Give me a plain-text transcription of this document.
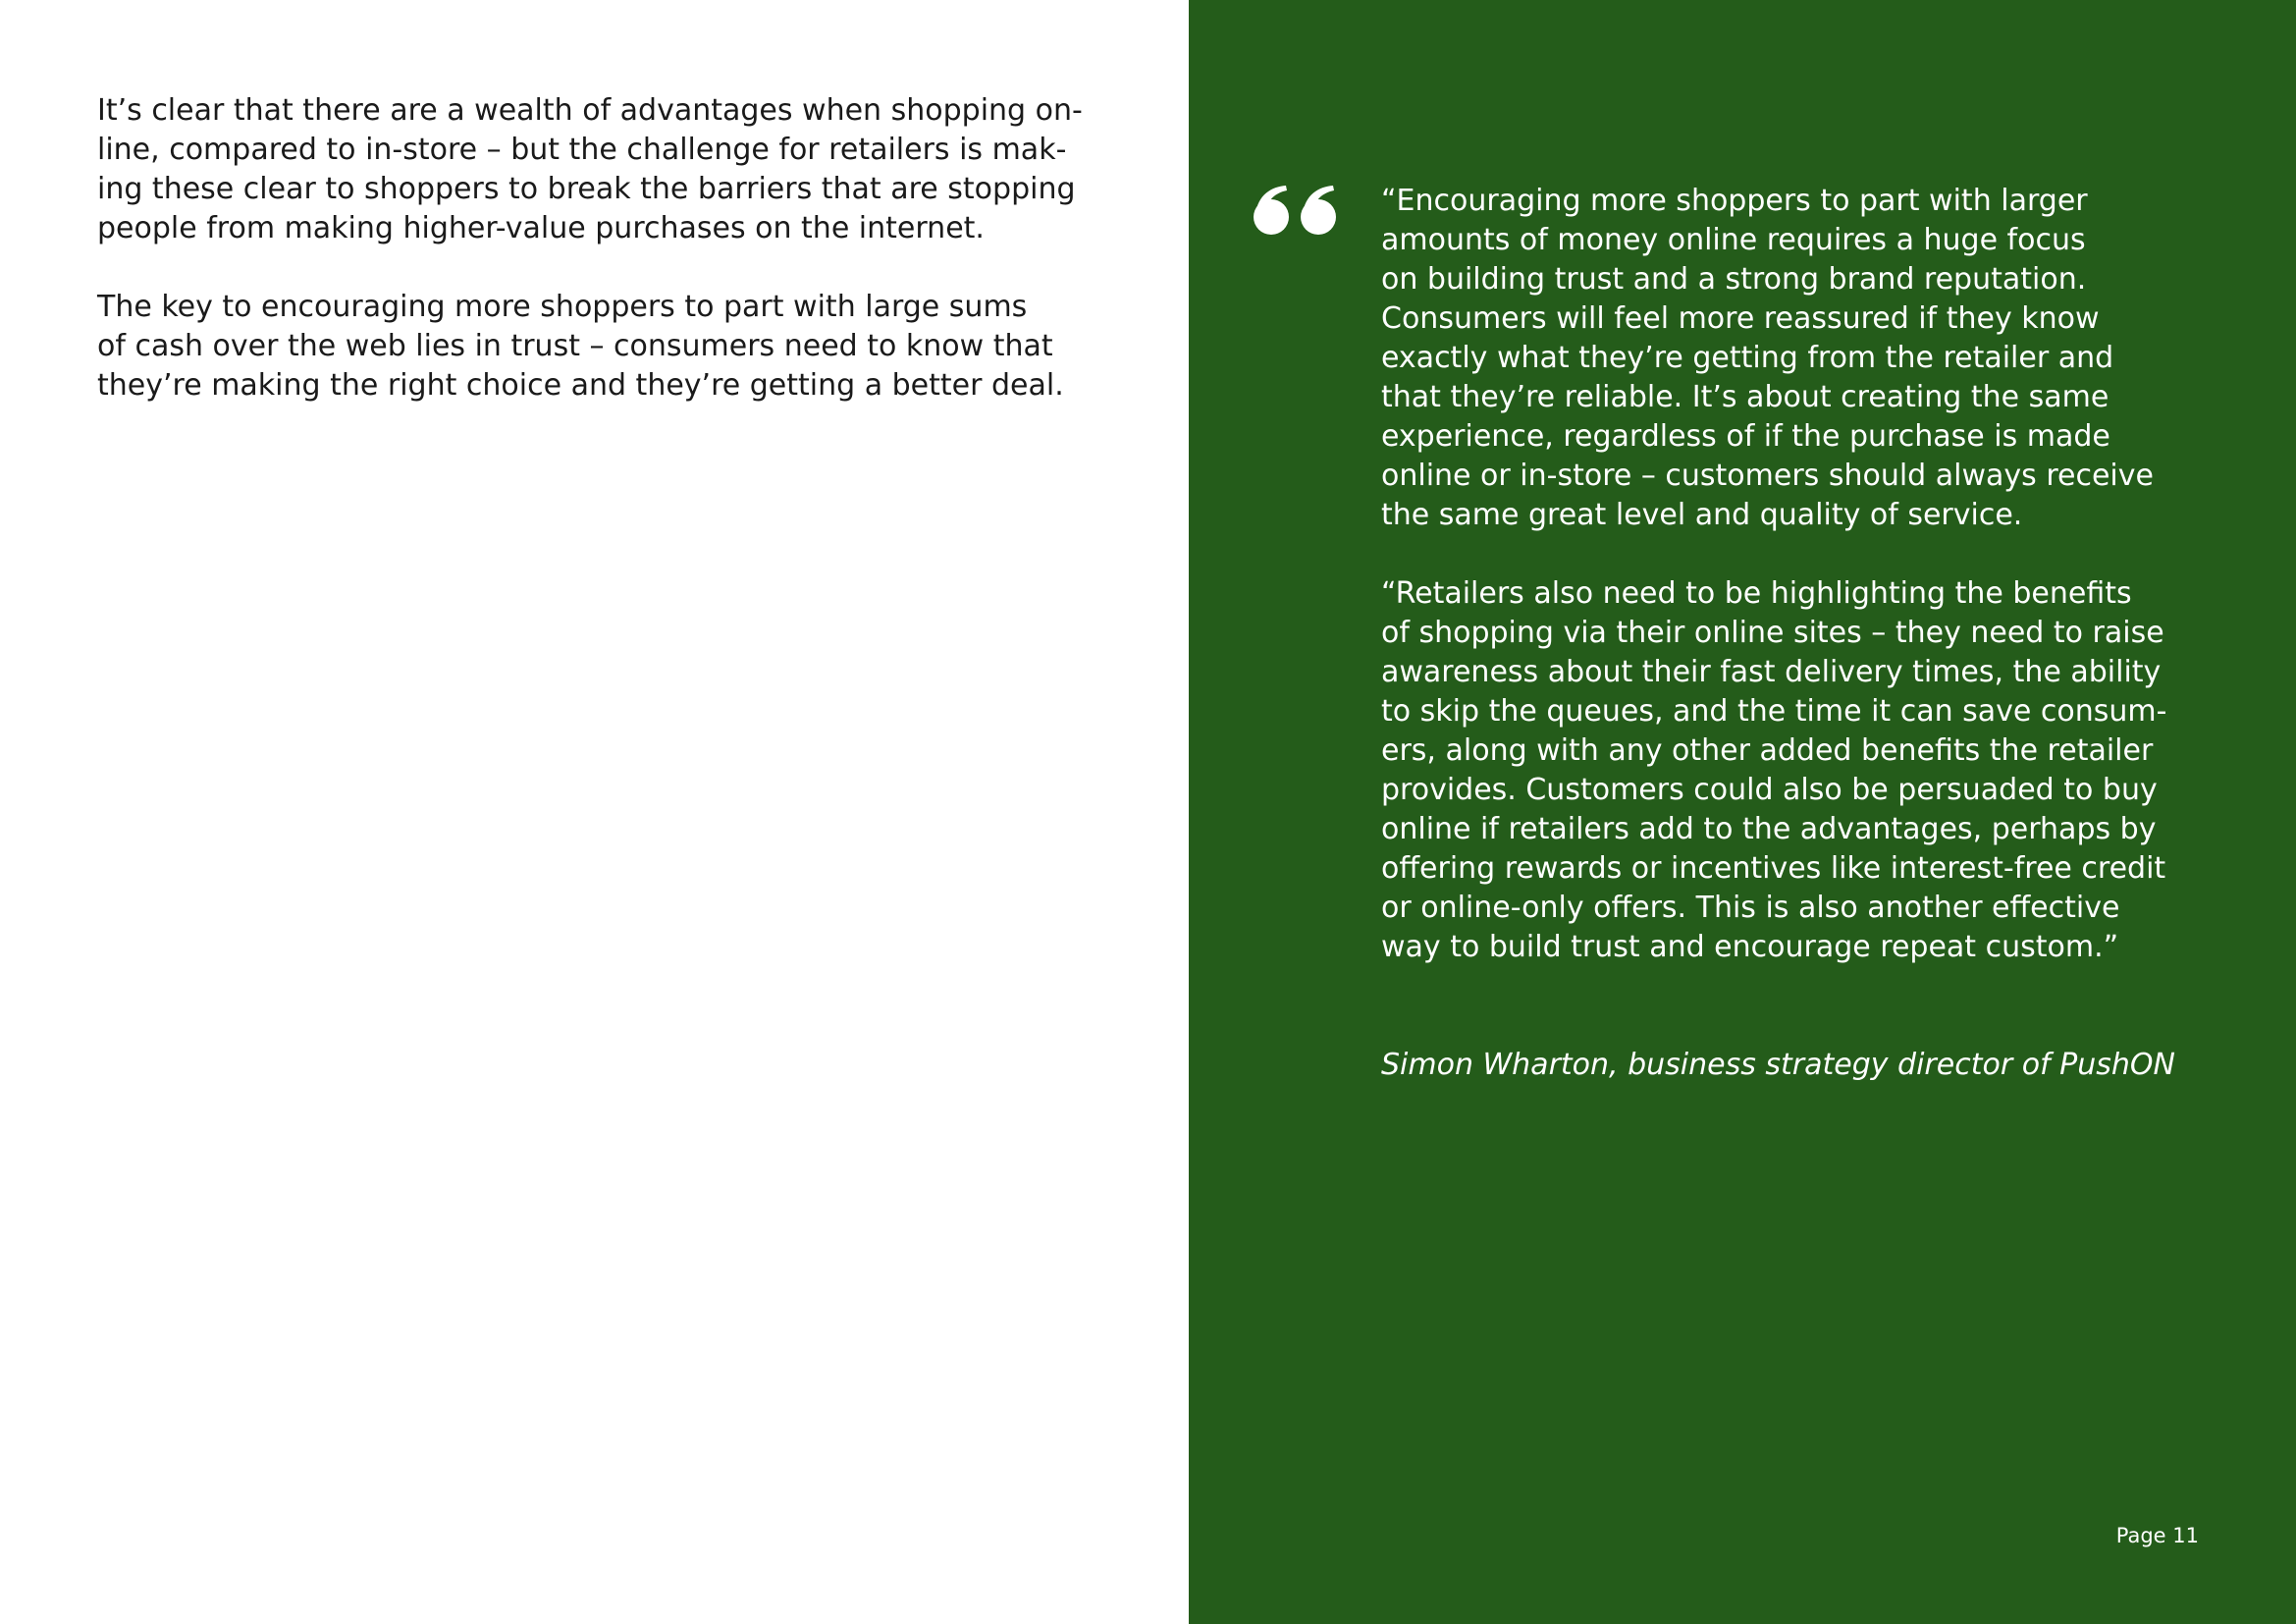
It’s clear that there are a wealth of advantages when shopping on-
line, compared to in-store – but the challenge for retailers is mak-
ing these clear to shoppers to break the barriers that are stopping
people from making higher-value purchases on the internet.

The key to encouraging more shoppers to part with large sums
of cash over the web lies in trust – consumers need to know that
they’re making the right choice and they’re getting a better deal.

“Encouraging more shoppers to part with larger
amounts of money online requires a huge focus
on building trust and a strong brand reputation.
Consumers will feel more reassured if they know
exactly what they’re getting from the retailer and
that they’re reliable. It’s about creating the same
experience, regardless of if the purchase is made
online or in-store – customers should always receive
the same great level and quality of service.

“Retailers also need to be highlighting the benefits
of shopping via their online sites – they need to raise
awareness about their fast delivery times, the ability
to skip the queues, and the time it can save consum-
ers, along with any other added benefits the retailer
provides. Customers could also be persuaded to buy
online if retailers add to the advantages, perhaps by
offering rewards or incentives like interest-free credit
or online-only offers. This is also another effective
way to build trust and encourage repeat custom.”

Simon Wharton, business strategy director of PushON
Page 11
